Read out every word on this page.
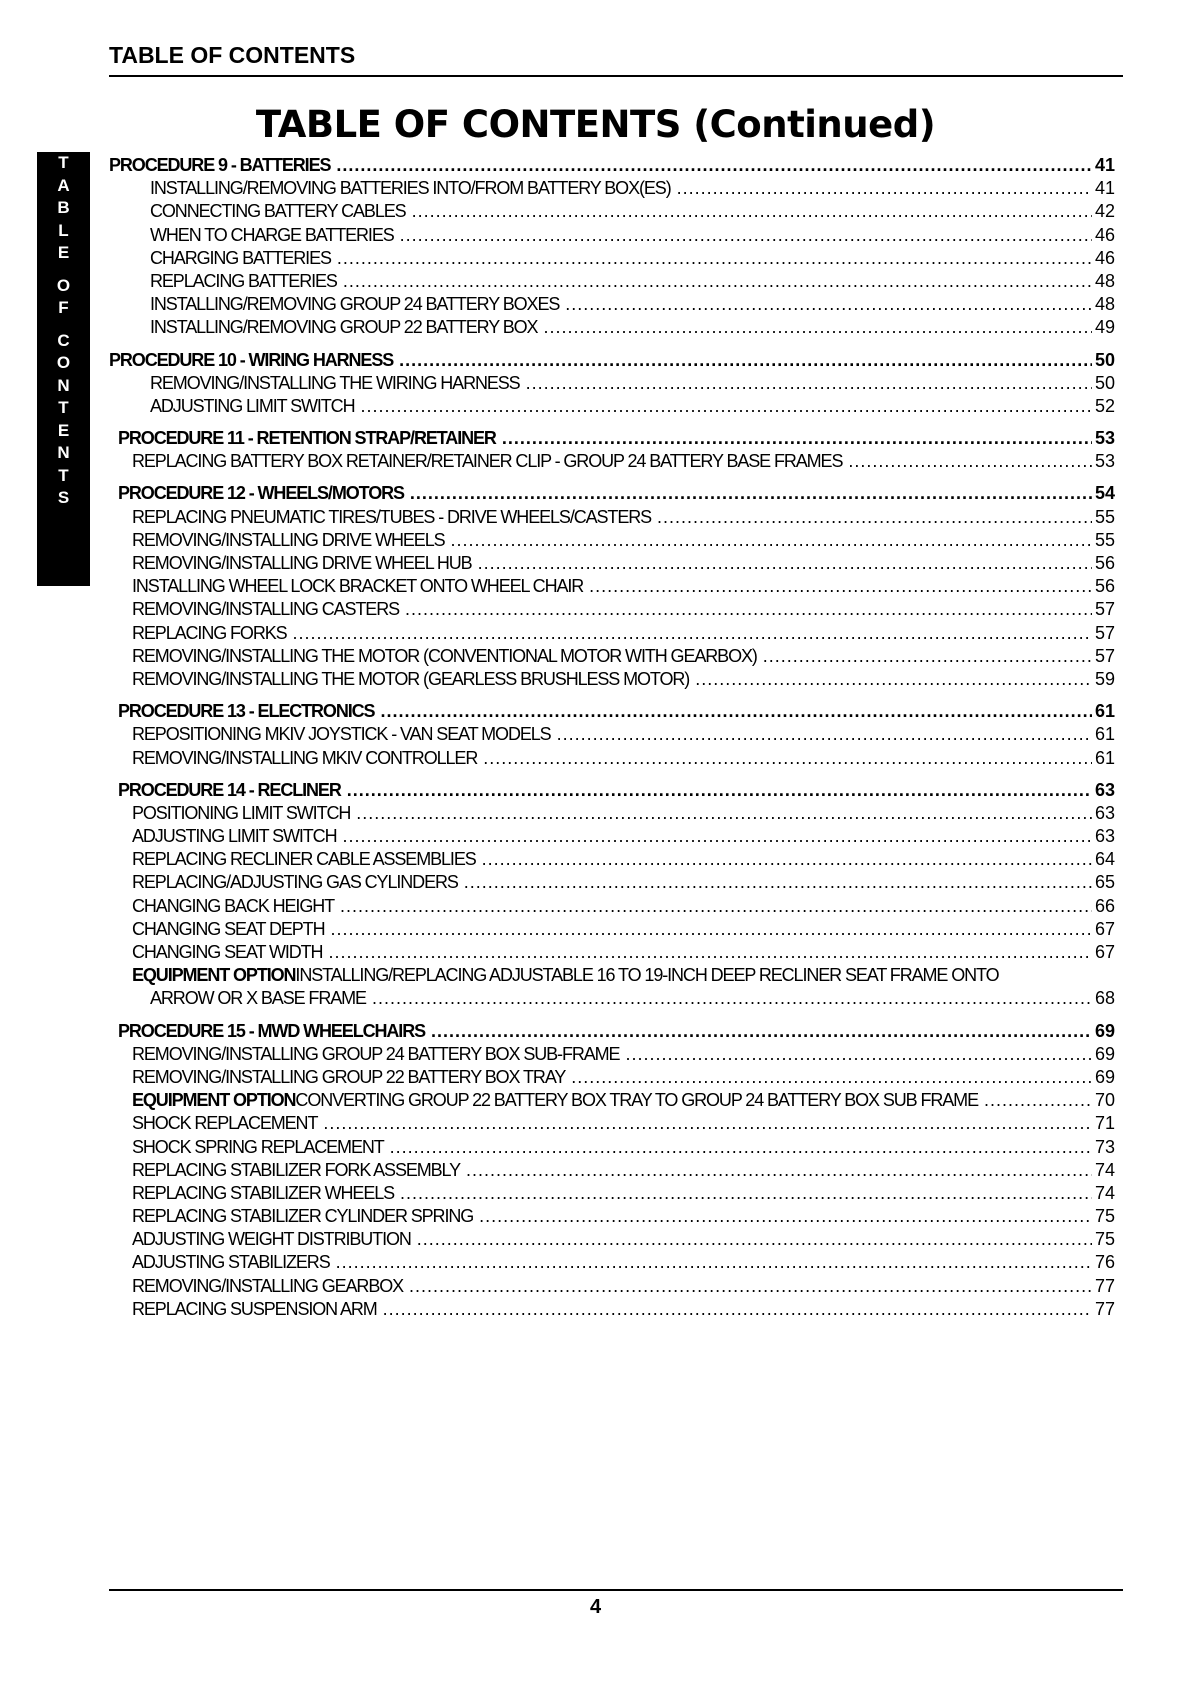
TABLE OF CONTENTS
TABLE OF CONTENTS (Continued)
T
A
B
L
E
O
F
C
O
N
T
E
N
T
S
PROCEDURE 9 - BATTERIES .....	41
INSTALLING/REMOVING BATTERIES INTO/FROM BATTERY BOX(ES) .....	41
CONNECTING BATTERY CABLES .....	42
WHEN TO CHARGE BATTERIES .....	46
CHARGING BATTERIES .....	46
REPLACING BATTERIES .....	48
INSTALLING/REMOVING GROUP 24 BATTERY BOXES .....	48
INSTALLING/REMOVING GROUP 22 BATTERY BOX .....	49
PROCEDURE 10 - WIRING HARNESS .....	50
REMOVING/INSTALLING THE WIRING HARNESS .....	50
ADJUSTING LIMIT SWITCH .....	52
PROCEDURE 11 - RETENTION STRAP/RETAINER .....	53
REPLACING BATTERY BOX RETAINER/RETAINER CLIP - GROUP 24 BATTERY BASE FRAMES .....	53
PROCEDURE 12 - WHEELS/MOTORS .....	54
REPLACING PNEUMATIC TIRES/TUBES - DRIVE WHEELS/CASTERS .....	55
REMOVING/INSTALLING DRIVE WHEELS .....	55
REMOVING/INSTALLING DRIVE WHEEL HUB .....	56
INSTALLING WHEEL LOCK BRACKET ONTO WHEEL CHAIR .....	56
REMOVING/INSTALLING CASTERS .....	57
REPLACING FORKS .....	57
REMOVING/INSTALLING THE MOTOR (CONVENTIONAL MOTOR WITH GEARBOX) .....	57
REMOVING/INSTALLING THE MOTOR (GEARLESS BRUSHLESS MOTOR) .....	59
PROCEDURE 13 - ELECTRONICS .....	61
REPOSITIONING MKIV JOYSTICK - VAN SEAT MODELS .....	61
REMOVING/INSTALLING MKIV CONTROLLER .....	61
PROCEDURE 14 - RECLINER .....	63
POSITIONING LIMIT SWITCH .....	63
ADJUSTING LIMIT SWITCH .....	63
REPLACING RECLINER CABLE ASSEMBLIES .....	64
REPLACING/ADJUSTING GAS CYLINDERS .....	65
CHANGING BACK HEIGHT .....	66
CHANGING SEAT DEPTH .....	67
CHANGING SEAT WIDTH .....	67
EQUIPMENT OPTIONINSTALLING/REPLACING ADJUSTABLE 16 TO 19-INCH DEEP RECLINER SEAT FRAME ONTO
ARROW OR X BASE FRAME .....	68
PROCEDURE 15 - MWD WHEELCHAIRS .....	69
REMOVING/INSTALLING GROUP 24 BATTERY BOX SUB-FRAME .....	69
REMOVING/INSTALLING GROUP 22 BATTERY BOX TRAY .....	69
EQUIPMENT OPTIONCONVERTING GROUP 22 BATTERY BOX TRAY TO GROUP 24 BATTERY BOX SUB FRAME .....	70
SHOCK REPLACEMENT .....	71
SHOCK SPRING REPLACEMENT .....	73
REPLACING STABILIZER FORK ASSEMBLY .....	74
REPLACING STABILIZER WHEELS .....	74
REPLACING STABILIZER CYLINDER SPRING .....	75
ADJUSTING WEIGHT DISTRIBUTION .....	75
ADJUSTING STABILIZERS .....	76
REMOVING/INSTALLING GEARBOX .....	77
REPLACING SUSPENSION ARM .....	77
4
